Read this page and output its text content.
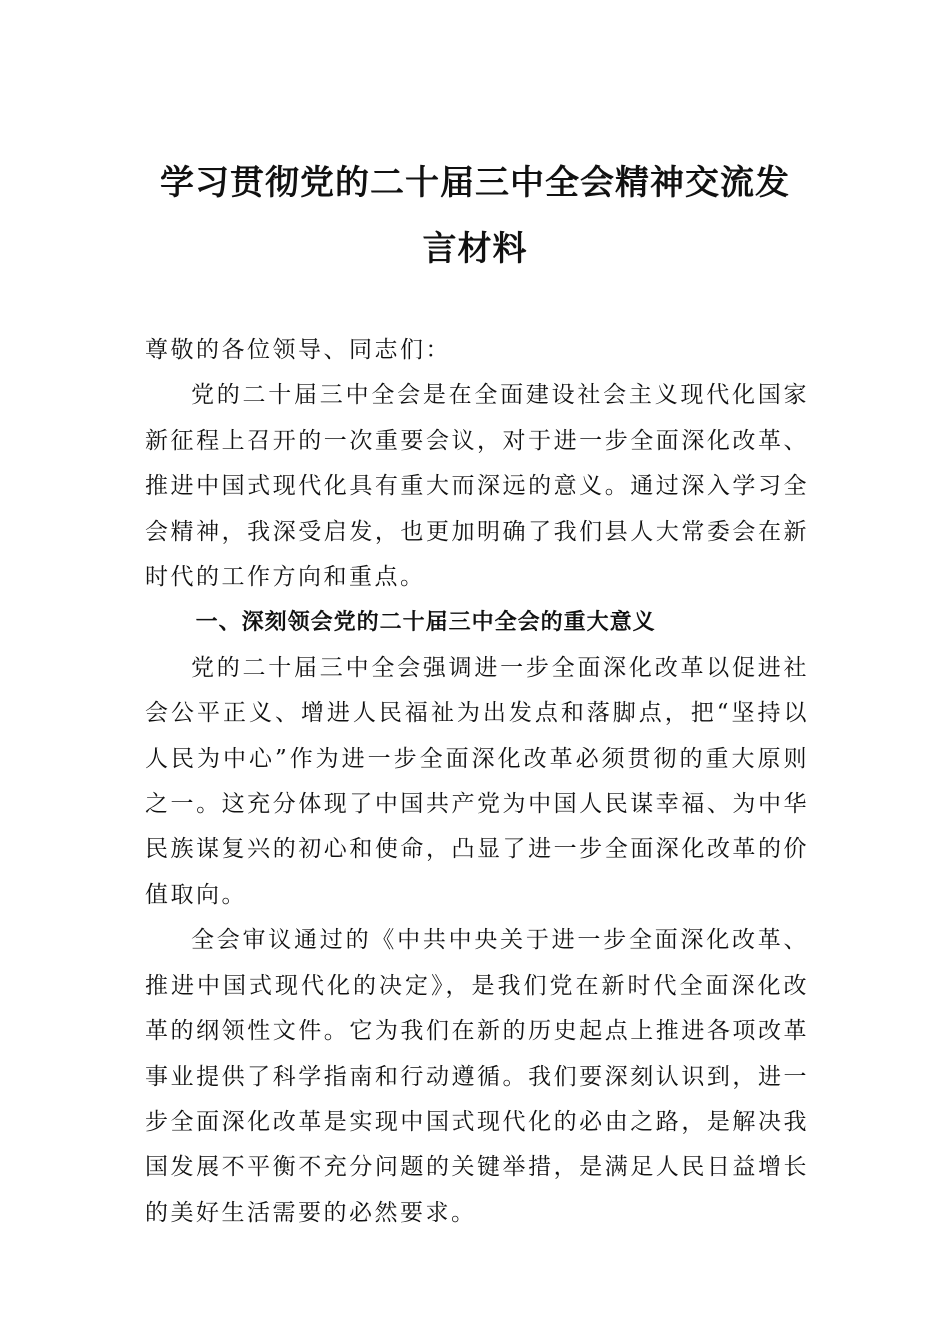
学习贯彻党的二十届三中全会精神交流发
言材料

尊敬的各位领导、同志们：

党的二十届三中全会是在全面建设社会主义现代化国家新征程上召开的一次重要会议，对于进一步全面深化改革、推进中国式现代化具有重大而深远的意义。通过深入学习全会精神，我深受启发，也更加明确了我们县人大常委会在新时代的工作方向和重点。

一、深刻领会党的二十届三中全会的重大意义

党的二十届三中全会强调进一步全面深化改革以促进社会公平正义、增进人民福祉为出发点和落脚点，把“坚持以人民为中心”作为进一步全面深化改革必须贯彻的重大原则之一。这充分体现了中国共产党为中国人民谋幸福、为中华民族谋复兴的初心和使命，凸显了进一步全面深化改革的价值取向。

全会审议通过的《中共中央关于进一步全面深化改革、推进中国式现代化的决定》，是我们党在新时代全面深化改革的纲领性文件。它为我们在新的历史起点上推进各项改革事业提供了科学指南和行动遵循。我们要深刻认识到，进一步全面深化改革是实现中国式现代化的必由之路，是解决我国发展不平衡不充分问题的关键举措，是满足人民日益增长的美好生活需要的必然要求。
